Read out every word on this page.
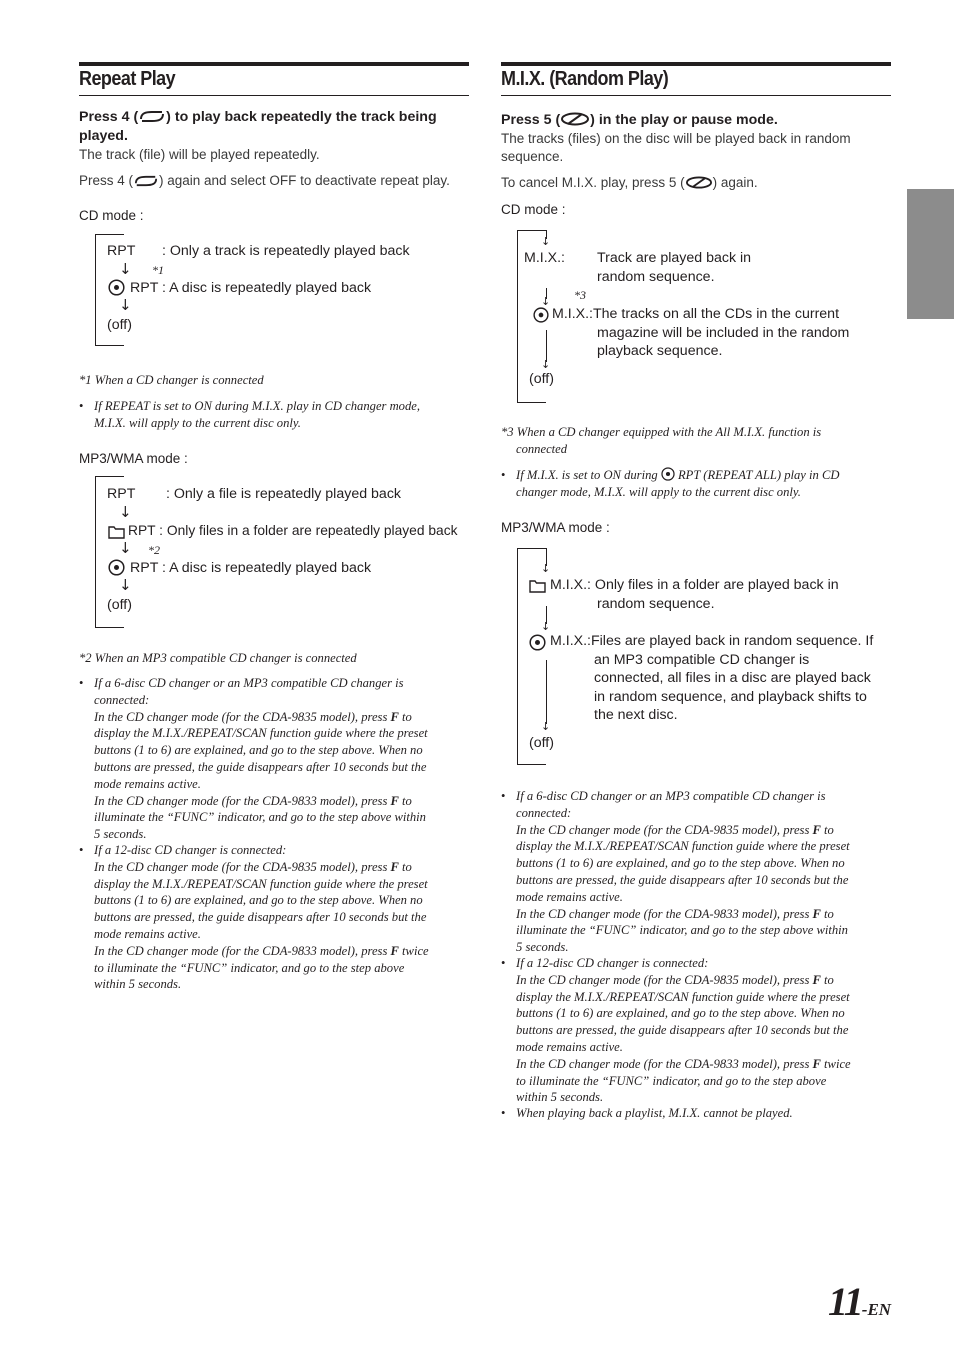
Repeat Play
Press 4 ( ) to play back repeatedly the track being
played.
The track (file) will be played repeatedly.
Press 4 ( ) again and select OFF to deactivate repeat play.
CD mode :
RPT : Only a track is repeatedly played back
↓ *1
RPT : A disc is repeatedly played back
↓
(off)
*1 When a CD changer is connected
• If REPEAT is set to ON during M.I.X. play in CD changer mode,
M.I.X. will apply to the current disc only.
MP3/WMA mode :
RPT : Only a file is repeatedly played back
↓
RPT : Only files in a folder are repeatedly played back
↓ *2
RPT : A disc is repeatedly played back
↓
(off)
*2 When an MP3 compatible CD changer is connected
• If a 6-disc CD changer or an MP3 compatible CD changer is
connected:
In the CD changer mode (for the CDA-9835 model), press F to
display the M.I.X./REPEAT/SCAN function guide where the preset
buttons (1 to 6) are explained, and go to the step above. When no
buttons are pressed, the guide disappears after 10 seconds but the
mode remains active.
In the CD changer mode (for the CDA-9833 model), press F to
illuminate the “FUNC” indicator, and go to the step above within
5 seconds.
• If a 12-disc CD changer is connected:
In the CD changer mode (for the CDA-9835 model), press F to
display the M.I.X./REPEAT/SCAN function guide where the preset
buttons (1 to 6) are explained, and go to the step above. When no
buttons are pressed, the guide disappears after 10 seconds but the
mode remains active.
In the CD changer mode (for the CDA-9833 model), press F twice
to illuminate the “FUNC” indicator, and go to the step above
within 5 seconds.
M.I.X. (Random Play)
Press 5 ( ) in the play or pause mode.
The tracks (files) on the disc will be played back in random
sequence.
To cancel M.I.X. play, press 5 ( ) again.
CD mode :
↓
M.I.X.: Track are played back in
random sequence.
↓ *3
M.I.X.:The tracks on all the CDs in the current
magazine will be included in the random
playback sequence.
↓
(off)
*3 When a CD changer equipped with the All M.I.X. function is
connected
• If M.I.X. is set to ON during  RPT (REPEAT ALL) play in CD
changer mode, M.I.X. will apply to the current disc only.
MP3/WMA mode :
↓
M.I.X.: Only files in a folder are played back in
random sequence.
↓
M.I.X.:Files are played back in random sequence. If
an MP3 compatible CD changer is
connected, all files in a disc are played back
in random sequence, and playback shifts to
the next disc.
↓
(off)
• If a 6-disc CD changer or an MP3 compatible CD changer is
connected:
In the CD changer mode (for the CDA-9835 model), press F to
display the M.I.X./REPEAT/SCAN function guide where the preset
buttons (1 to 6) are explained, and go to the step above. When no
buttons are pressed, the guide disappears after 10 seconds but the
mode remains active.
In the CD changer mode (for the CDA-9833 model), press F to
illuminate the “FUNC” indicator, and go to the step above within
5 seconds.
• If a 12-disc CD changer is connected:
In the CD changer mode (for the CDA-9835 model), press F to
display the M.I.X./REPEAT/SCAN function guide where the preset
buttons (1 to 6) are explained, and go to the step above. When no
buttons are pressed, the guide disappears after 10 seconds but the
mode remains active.
In the CD changer mode (for the CDA-9833 model), press F twice
to illuminate the “FUNC” indicator, and go to the step above
within 5 seconds.
• When playing back a playlist, M.I.X. cannot be played.
11-EN
